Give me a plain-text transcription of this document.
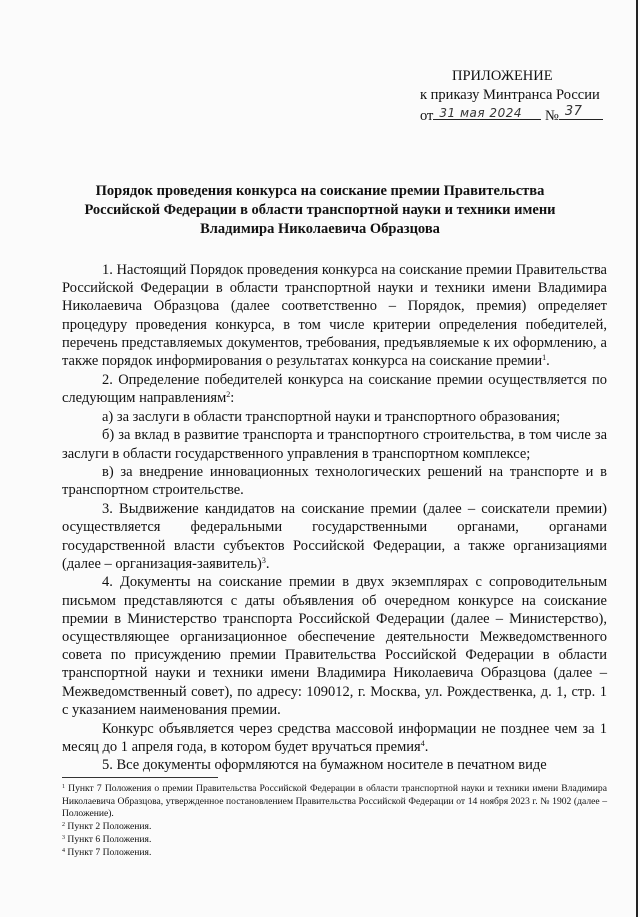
ПРИЛОЖЕНИЕ
к приказу Минтранса России
от 31 мая 2024 № 37
Порядок проведения конкурса на соискание премии Правительства
Российской Федерации в области транспортной науки и техники имени
Владимира Николаевича Образцова

1. Настоящий Порядок проведения конкурса на соискание премии Правительства Российской Федерации в области транспортной науки и техники имени Владимира Николаевича Образцова (далее соответственно – Порядок, премия) определяет процедуру проведения конкурса, в том числе критерии определения победителей, перечень представляемых документов, требования, предъявляемые к их оформлению, а также порядок информирования о результатах конкурса на соискание премии$^1$.

2. Определение победителей конкурса на соискание премии осуществляется по следующим направлениям$^2$:

а) за заслуги в области транспортной науки и транспортного образования;

б) за вклад в развитие транспорта и транспортного строительства, в том числе за заслуги в области государственного управления в транспортном комплексе;

в) за внедрение инновационных технологических решений на транспорте и в транспортном строительстве.

3. Выдвижение кандидатов на соискание премии (далее – соискатели премии) осуществляется федеральными государственными органами, органами государственной власти субъектов Российской Федерации, а также организациями (далее – организация-заявитель)$^3$.

4. Документы на соискание премии в двух экземплярах с сопроводительным письмом представляются с даты объявления об очередном конкурсе на соискание премии в Министерство транспорта Российской Федерации (далее – Министерство), осуществляющее организационное обеспечение деятельности Межведомственного совета по присуждению премии Правительства Российской Федерации в области транспортной науки и техники имени Владимира Николаевича Образцова (далее – Межведомственный совет), по адресу: 109012, г. Москва, ул. Рождественка, д. 1, стр. 1 с указанием наименования премии.

Конкурс объявляется через средства массовой информации не позднее чем за 1 месяц до 1 апреля года, в котором будет вручаться премия$^4$.

5. Все документы оформляются на бумажном носителе в печатном виде

$^1$ Пункт 7 Положения о премии Правительства Российской Федерации в области транспортной науки и техники имени Владимира Николаевича Образцова, утвержденное постановлением Правительства Российской Федерации от 14 ноября 2023 г. № 1902 (далее – Положение).

$^2$ Пункт 2 Положения.

$^3$ Пункт 6 Положения.

$^4$ Пункт 7 Положения.
